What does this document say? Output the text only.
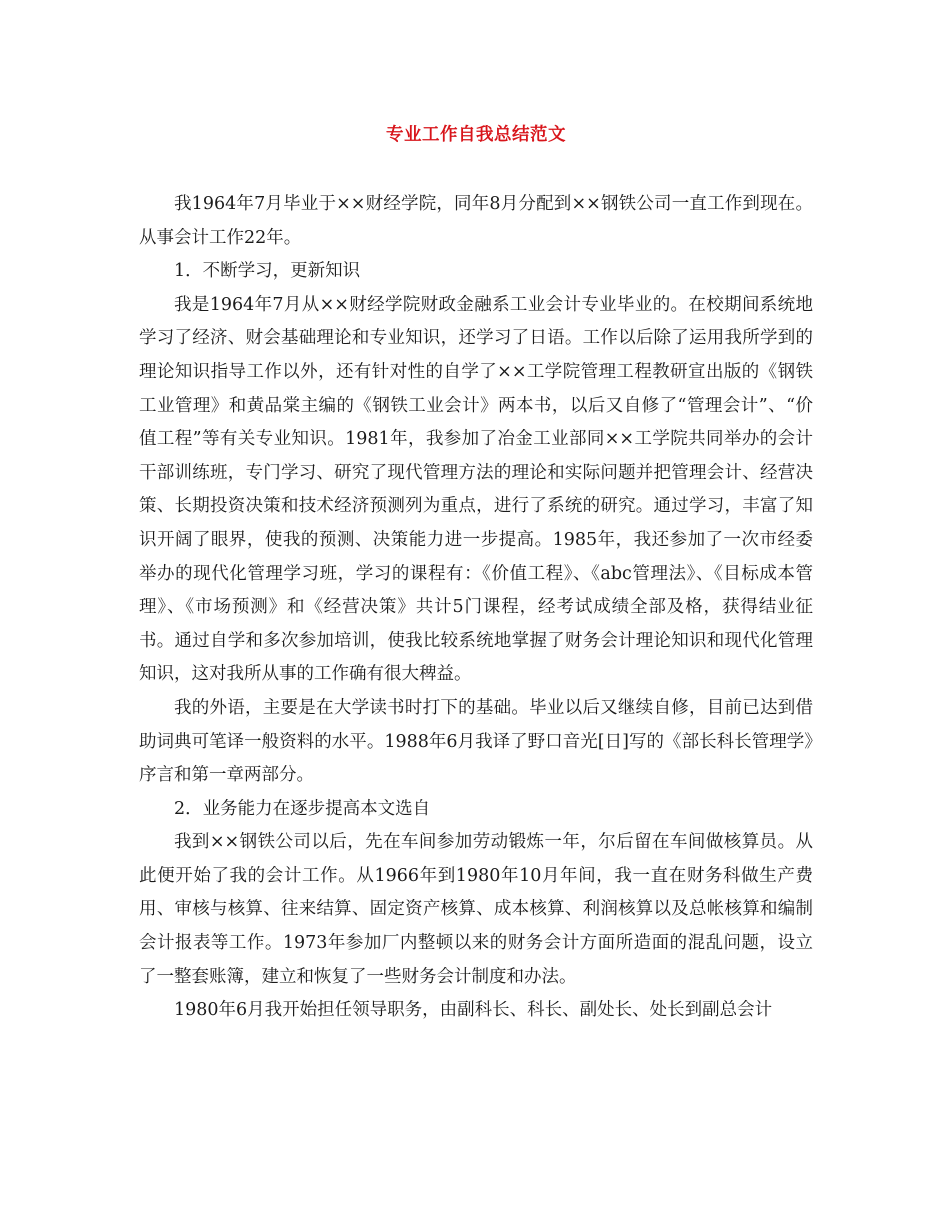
专业工作自我总结范文

我1964年7月毕业于××财经学院，同年8月分配到××钢铁公司一直工作到现在。从事会计工作22年。

1．不断学习，更新知识

我是1964年7月从××财经学院财政金融系工业会计专业毕业的。在校期间系统地学习了经济、财会基础理论和专业知识，还学习了日语。工作以后除了运用我所学到的理论知识指导工作以外，还有针对性的自学了××工学院管理工程教研宣出版的《钢铁工业管理》和黄品棠主编的《钢铁工业会计》两本书，以后又自修了“管理会计”、“价值工程”等有关专业知识。1981年，我参加了冶金工业部同××工学院共同举办的会计干部训练班，专门学习、研究了现代管理方法的理论和实际问题并把管理会计、经营决策、长期投资决策和技术经济预测列为重点，进行了系统的研究。通过学习，丰富了知识开阔了眼界，使我的预测、决策能力进一步提高。1985年，我还参加了一次市经委举办的现代化管理学习班，学习的课程有：《价值工程》、《abc管理法》、《目标成本管理》、《市场预测》和《经营决策》共计5门课程，经考试成绩全部及格，获得结业征书。通过自学和多次参加培训，使我比较系统地掌握了财务会计理论知识和现代化管理知识，这对我所从事的工作确有很大稗益。

我的外语，主要是在大学读书时打下的基础。毕业以后又继续自修，目前已达到借助词典可笔译一般资料的水平。1988年6月我译了野口音光[日]写的《部长科长管理学》序言和第一章两部分。

2．业务能力在逐步提高本文选自

我到××钢铁公司以后，先在车间参加劳动锻炼一年，尔后留在车间做核算员。从此便开始了我的会计工作。从1966年到1980年10月年间，我一直在财务科做生产费用、审核与核算、往来结算、固定资产核算、成本核算、利润核算以及总帐核算和编制会计报表等工作。1973年参加厂内整顿以来的财务会计方面所造面的混乱问题，设立了一整套账簿，建立和恢复了一些财务会计制度和办法。

1980年6月我开始担任领导职务，由副科长、科长、副处长、处长到副总会计
